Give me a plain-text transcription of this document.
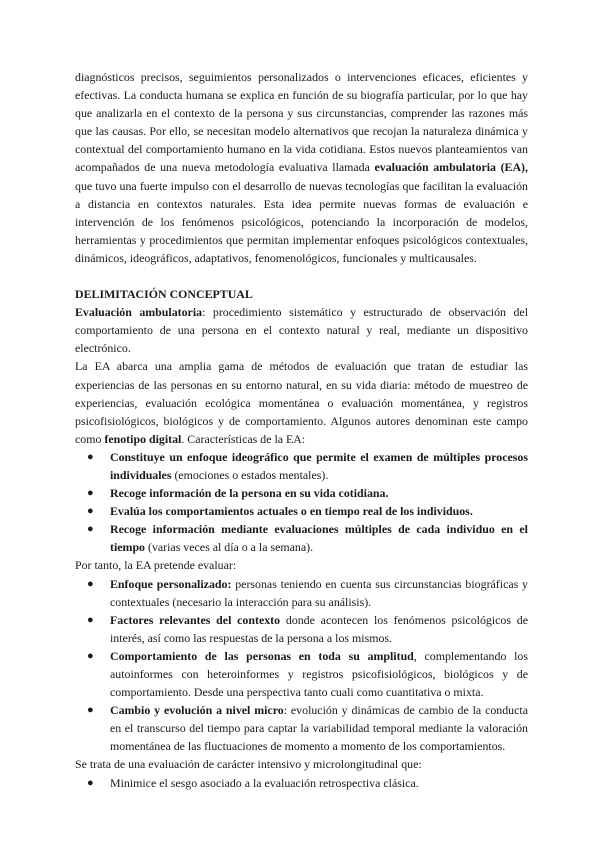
diagnósticos precisos, seguimientos personalizados o intervenciones eficaces, eficientes y efectivas. La conducta humana se explica en función de su biografía particular, por lo que hay que analizarla en el contexto de la persona y sus circunstancias, comprender las razones más que las causas. Por ello, se necesitan modelo alternativos que recojan la naturaleza dinámica y contextual del comportamiento humano en la vida cotidiana. Estos nuevos planteamientos van acompañados de una nueva metodología evaluativa llamada evaluación ambulatoria (EA), que tuvo una fuerte impulso con el desarrollo de nuevas tecnologías que facilitan la evaluación a distancia en contextos naturales. Esta idea permite nuevas formas de evaluación e intervención de los fenómenos psicológicos, potenciando la incorporación de modelos, herramientas y procedimientos que permitan implementar enfoques psicológicos contextuales, dinámicos, ideográficos, adaptativos, fenomenológicos, funcionales y multicausales.

DELIMITACIÓN CONCEPTUAL

Evaluación ambulatoria: procedimiento sistemático y estructurado de observación del comportamiento de una persona en el contexto natural y real, mediante un dispositivo electrónico.

La EA abarca una amplia gama de métodos de evaluación que tratan de estudiar las experiencias de las personas en su entorno natural, en su vida diaria: método de muestreo de experiencias, evaluación ecológica momentánea o evaluación momentánea, y registros psicofisiológicos, biológicos y de comportamiento. Algunos autores denominan este campo como fenotipo digital. Características de la EA:

● Constituye un enfoque ideográfico que permite el examen de múltiples procesos individuales (emociones o estados mentales).
● Recoge información de la persona en su vida cotidiana.
● Evalúa los comportamientos actuales o en tiempo real de los individuos.
● Recoge información mediante evaluaciones múltiples de cada individuo en el tiempo (varias veces al día o a la semana).

Por tanto, la EA pretende evaluar:

● Enfoque personalizado: personas teniendo en cuenta sus circunstancias biográficas y contextuales (necesario la interacción para su análisis).
● Factores relevantes del contexto donde acontecen los fenómenos psicológicos de interés, así como las respuestas de la persona a los mismos.
● Comportamiento de las personas en toda su amplitud, complementando los autoinformes con heteroinformes y registros psicofisiológicos, biológicos y de comportamiento. Desde una perspectiva tanto cuali como cuantitativa o mixta.
● Cambio y evolución a nivel micro: evolución y dinámicas de cambio de la conducta en el transcurso del tiempo para captar la variabilidad temporal mediante la valoración momentánea de las fluctuaciones de momento a momento de los comportamientos.

Se trata de una evaluación de carácter intensivo y microlongitudinal que:

● Minimice el sesgo asociado a la evaluación retrospectiva clásica.
